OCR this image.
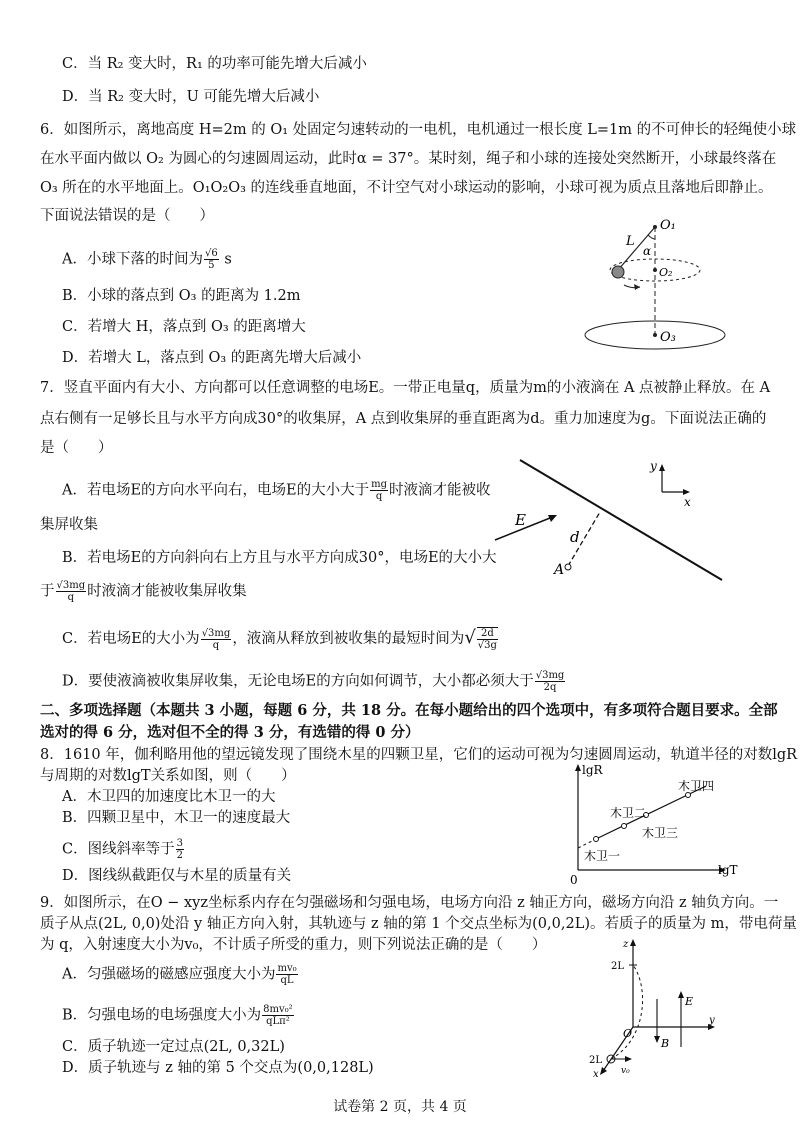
C．当 R₂ 变大时，R₁ 的功率可能先增大后减小
D．当 R₂ 变大时，U 可能先增大后减小
6．如图所示，离地高度 H=2m 的 O₁ 处固定匀速转动的一电机，电机通过一根长度 L=1m 的不可伸长的轻绳使小球
在水平面内做以 O₂ 为圆心的匀速圆周运动，此时α = 37°。某时刻，绳子和小球的连接处突然断开，小球最终落在
O₃ 所在的水平地面上。O₁O₂O₃ 的连线垂直地面，不计空气对小球运动的影响，小球可视为质点且落地后即静止。
下面说法错误的是（　　）
A．小球下落的时间为 $\frac{√6}{5}$ s
B．小球的落点到 O₃ 的距离为 1.2m
C．若增大 H，落点到 O₃ 的距离增大
D．若增大 L，落点到 O₃ 的距离先增大后减小
L
α
O₁
O₂
O₃
7．竖直平面内有大小、方向都可以任意调整的电场E。一带正电量q，质量为m的小液滴在 A 点被静止释放。在 A
点右侧有一足够长且与水平方向成30°的收集屏，A 点到收集屏的垂直距离为d。重力加速度为g。下面说法正确的
是（　　）
A．若电场E的方向水平向右，电场E的大小大于 $\frac{mg}{q}$ 时液滴才能被收
集屏收集
B．若电场E的方向斜向右上方且与水平方向成30°，电场E的大小大
于 $\frac{√3mg}{q}$ 时液滴才能被收集屏收集
C．若电场E的大小为 $\frac{√3mg}{q}$ ，液滴从释放到被收集的最短时间为√ $\frac{2d}{√3g}$
D．要使液滴被收集屏收集，无论电场E的方向如何调节，大小都必须大于 $\frac{√3mg}{2q}$
E
d
A
y
x
二、多项选择题（本题共 3 小题，每题 6 分，共 18 分。在每小题给出的四个选项中，有多项符合题目要求。全部
选对的得 6 分，选对但不全的得 3 分，有选错的得 0 分）
8．1610 年，伽利略用他的望远镜发现了围绕木星的四颗卫星，它们的运动可视为匀速圆周运动，轨道半径的对数lgR
与周期的对数lgT关系如图，则（　　）
A．木卫四的加速度比木卫一的大
B．四颗卫星中，木卫一的速度最大
C．图线斜率等于 $\frac{3}{2}$
D．图线纵截距仅与木星的质量有关
lgR
lgT
0
木卫一
木卫二
木卫三
木卫四
9．如图所示，在O − xyz坐标系内存在匀强磁场和匀强电场，电场方向沿 z 轴正方向，磁场方向沿 z 轴负方向。一
质子从点(2L, 0,0)处沿 y 轴正方向入射，其轨迹与 z 轴的第 1 个交点坐标为(0,0,2L)。若质子的质量为 m，带电荷量
为 q，入射速度大小为v₀，不计质子所受的重力，则下列说法正确的是（　　）
A．匀强磁场的磁感应强度大小为 $\frac{\text{mv₀}}{qL}$
B．匀强电场的电场强度大小为 $\frac{\text{8mv₀²}}{\text{qLπ²}}$
C．质子轨迹一定过点(2L, 0,32L)
D．质子轨迹与 z 轴的第 5 个交点为(0,0,128L)
z
y
x
2L
2L
O
E
B
v₀
试卷第 2 页，共 4 页
